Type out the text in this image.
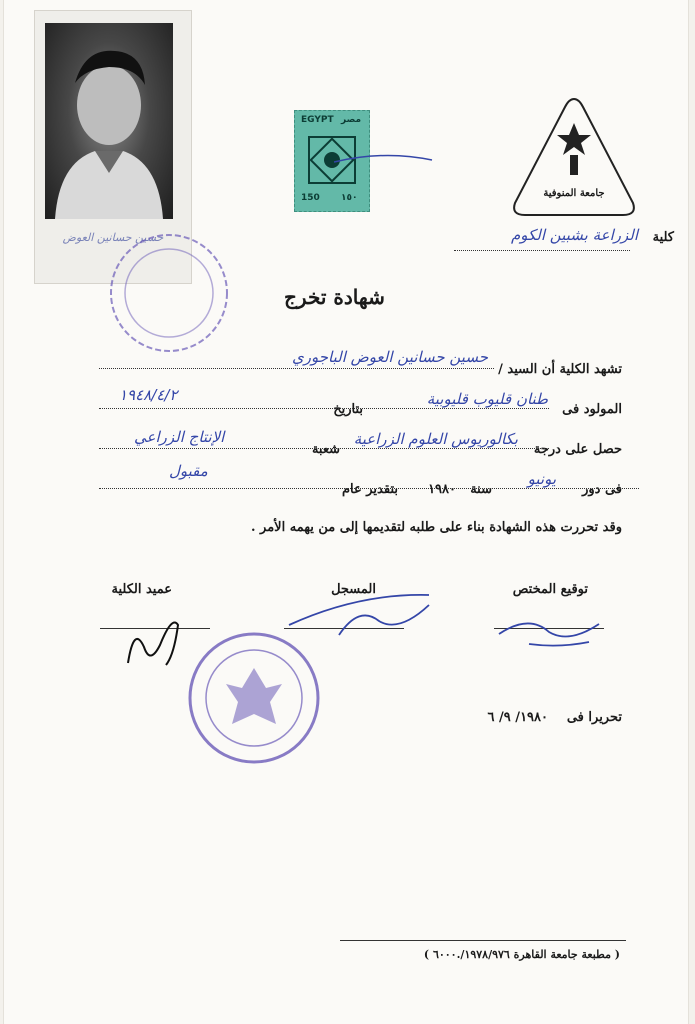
حسين حسانين العوض
EGYPT مصر
150 ١٥٠	جامعة المنوفية
كلية
الزراعة بشبين الكوم
شهادة تخرج
تشهد الكلية أن السيد /
حسين حسانين العوض الباجوري
المولود فى
طنان قليوب قليوبية
بتاريخ
١٩٤٨/٤/٢
حصل على درجة
بكالوريوس العلوم الزراعية
شعبة
الإنتاج الزراعي
فى دور
يونيو
سنة
١٩٨٠
بتقدير عام
مقبول
وقد تحررت هذه الشهادة بناء على طلبه لتقديمها إلى من يهمه الأمر .
توقيع المختص
المسجل
عميد الكلية
تحريرا فى
١٩٨٠/ ٩/ ٦
( مطبعة جامعة القاهرة ١٩٧٨/٩٧٦/.٦٠٠٠ )
